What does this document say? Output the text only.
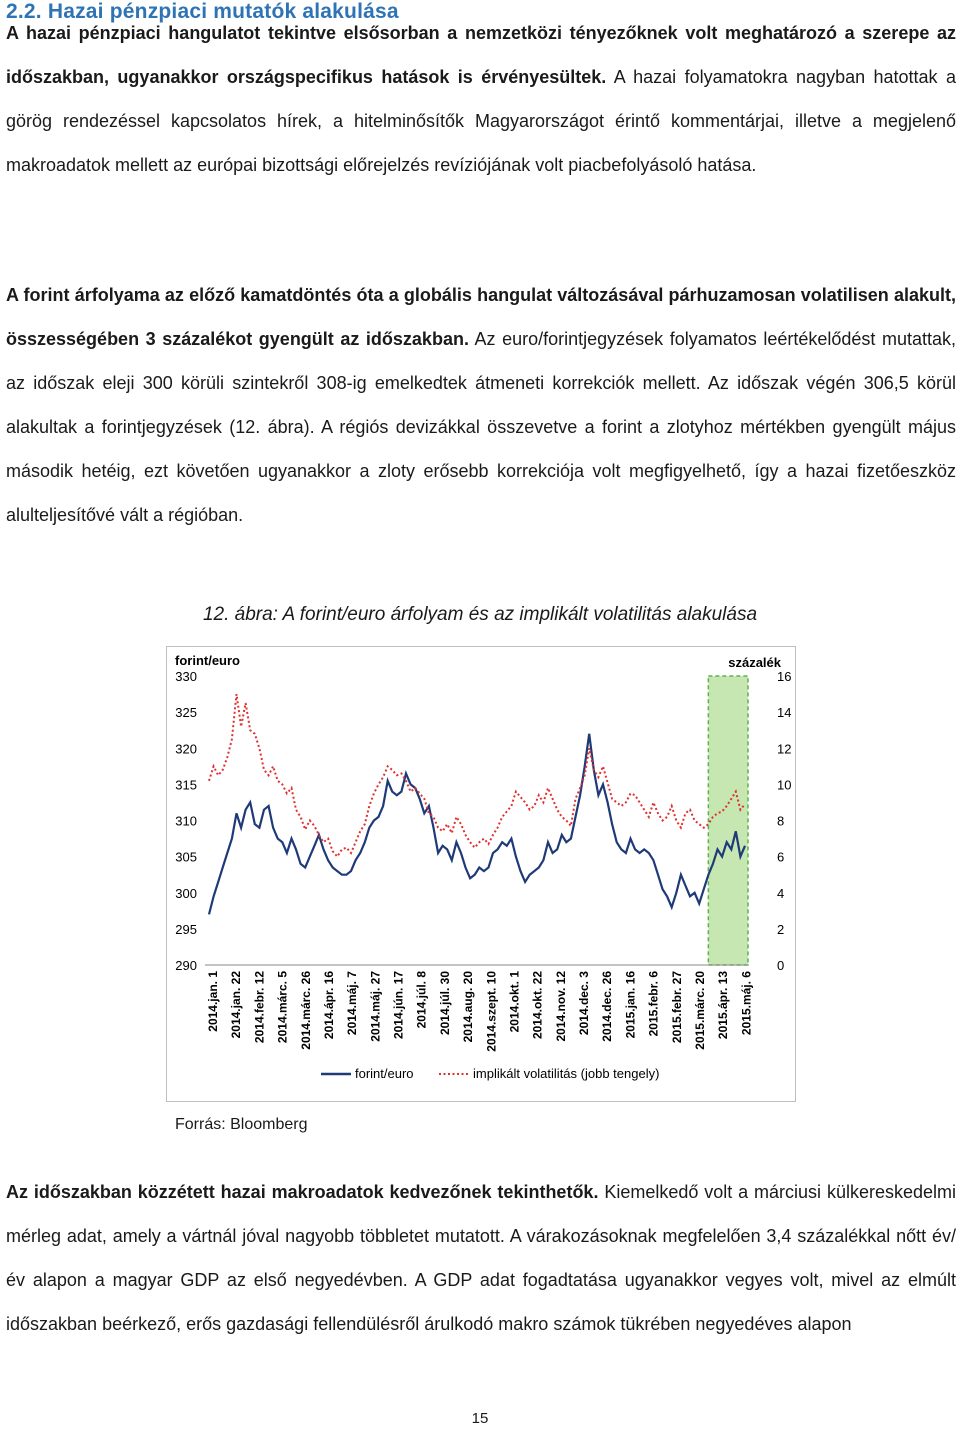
2.2. Hazai pénzpiaci mutatók alakulása
A hazai pénzpiaci hangulatot tekintve elsősorban a nemzetközi tényezőknek volt meghatározó a szerepe az időszakban, ugyanakkor országspecifikus hatások is érvényesültek. A hazai folyamatokra nagyban hatottak a görög rendezéssel kapcsolatos hírek, a hitelminősítők Magyarországot érintő kommentárjai, illetve a megjelenő makroadatok mellett az európai bizottsági előrejelzés revíziójának volt piacbefolyásoló hatása.
A forint árfolyama az előző kamatdöntés óta a globális hangulat változásával párhuzamosan volatilisen alakult, összességében 3 százalékot gyengült az időszakban. Az euro/forintjegyzések folyamatos leértékelődést mutattak, az időszak eleji 300 körüli szintekről 308-ig emelkedtek átmeneti korrekciók mellett. Az időszak végén 306,5 körül alakultak a forintjegyzések (12. ábra). A régiós devizákkal összevetve a forint a zlotyhoz mértékben gyengült május második hetéig, ezt követően ugyanakkor a zloty erősebb korrekciója volt megfigyelhető, így a hazai fizetőeszköz alulteljesítővé vált a régióban.
12. ábra: A forint/euro árfolyam és az implikált volatilitás alakulása
forint/euro	százalék
290
295
300
305
310
315
320
325
330
0
2
4
6
8
10
12
14
16
2014.jan. 1 2014.jan. 22 2014.febr. 12 2014.márc. 5 2014.márc. 26 2014.ápr. 16 2014.máj. 7 2014.máj. 27 2014.jún. 17 2014.júl. 8 2014.júl. 30 2014.aug. 20 2014.szept. 10 2014.okt. 1 2014.okt. 22 2014.nov. 12 2014.dec. 3 2014.dec. 26 2015.jan. 16 2015.febr. 6 2015.febr. 27 2015.márc. 20 2015.ápr. 13 2015.máj. 6
forint/euro	implikált volatilitás (jobb tengely)
Forrás: Bloomberg
Az időszakban közzétett hazai makroadatok kedvezőnek tekinthetők. Kiemelkedő volt a márciusi külkereskedelmi mérleg adat, amely a vártnál jóval nagyobb többletet mutatott. A várakozásoknak megfelelően 3,4 százalékkal nőtt év/év alapon a magyar GDP az első negyedévben. A GDP adat fogadtatása ugyanakkor vegyes volt, mivel az elmúlt időszakban beérkező, erős gazdasági fellendülésről árulkodó makro számok tükrében negyedéves alapon
15
